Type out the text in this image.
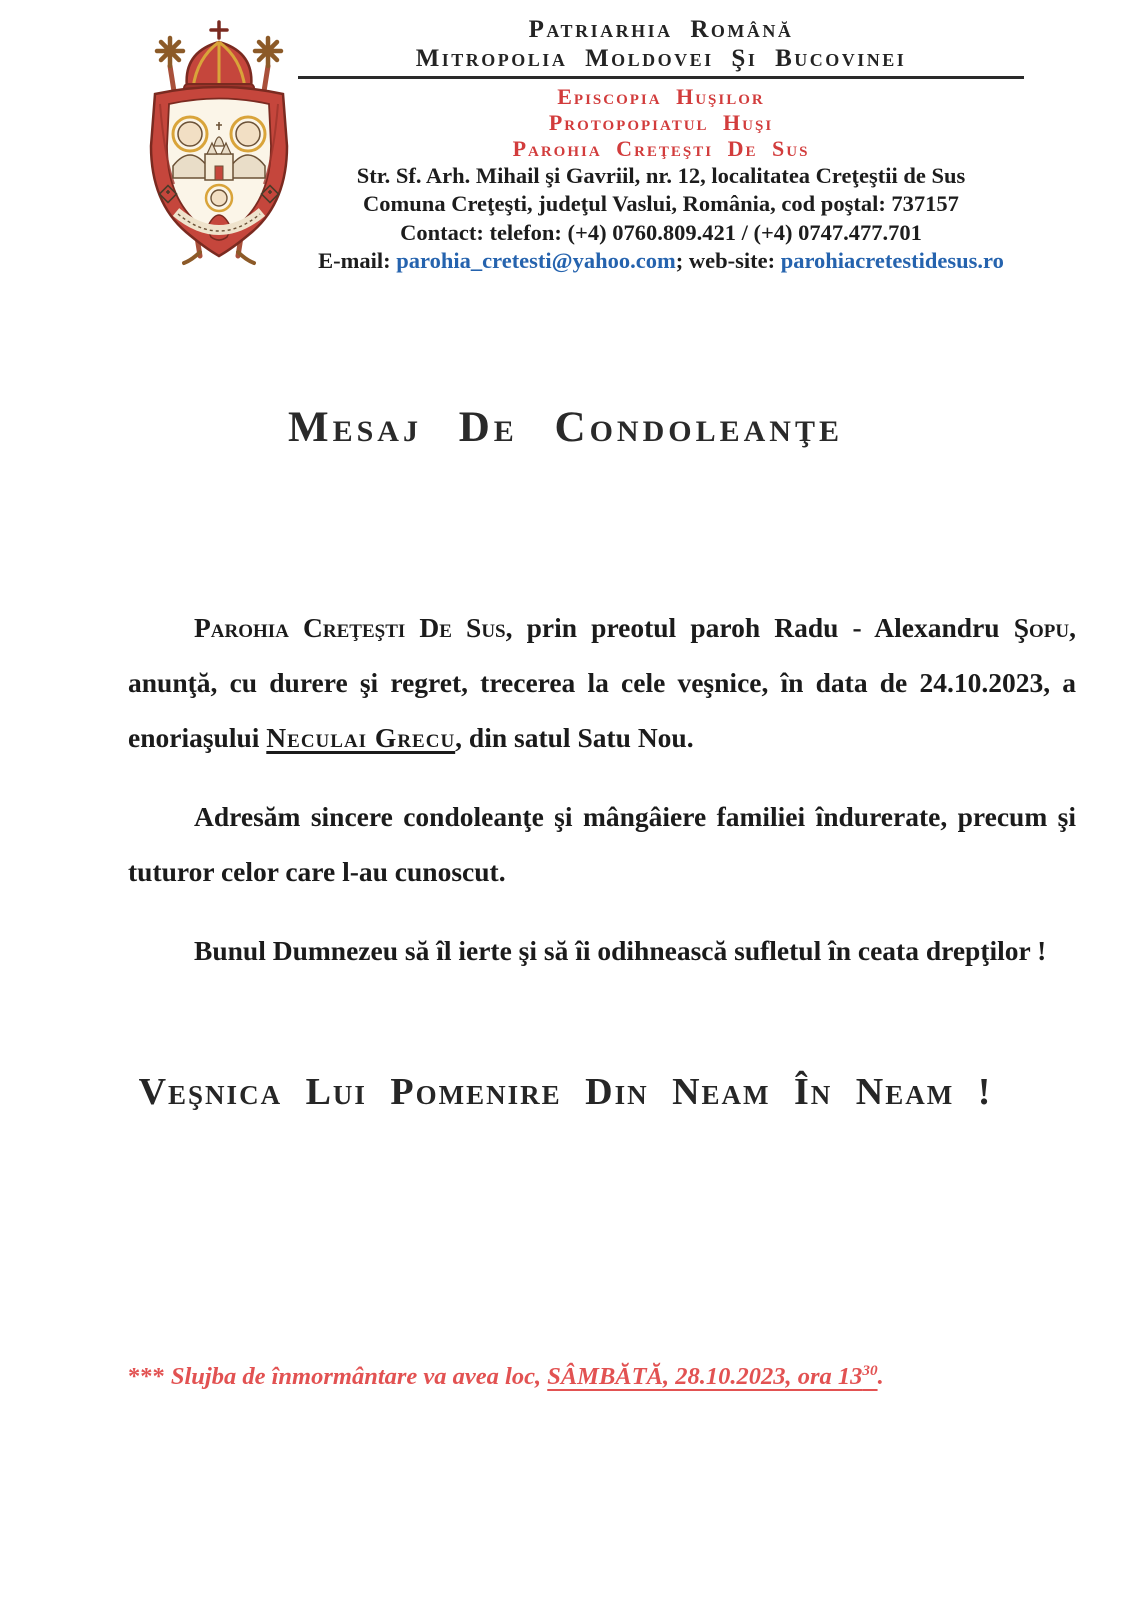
Patriarhia Română
Mitropolia Moldovei Şi Bucovinei
Episcopia Huşilor
Protopopiatul Huşi
Parohia Creţeşti De Sus
Str. Sf. Arh. Mihail şi Gavriil, nr. 12, localitatea Creţeştii de Sus
Comuna Creţeşti, judeţul Vaslui, România, cod poştal: 737157
Contact: telefon: (+4) 0760.809.421 / (+4) 0747.477.701
E-mail: parohia_cretesti@yahoo.com; web-site: parohiacretestidesus.ro
Mesaj De Condoleanţe

Parohia Creţeşti De Sus, prin preotul paroh Radu - Alexandru Şopu, anunţă, cu durere şi regret, trecerea la cele veşnice, în data de 24.10.2023, a enoriaşului Neculai Grecu, din satul Satu Nou.

Adresăm sincere condoleanţe şi mângâiere familiei îndurerate, precum şi tuturor celor care l-au cunoscut.

Bunul Dumnezeu să îl ierte şi să îi odihnească sufletul în ceata drepţilor !

Veşnica Lui Pomenire Din Neam În Neam !
*** Slujba de înmormântare va avea loc, SÂMBĂTĂ, 28.10.2023, ora $13^{30}$.
